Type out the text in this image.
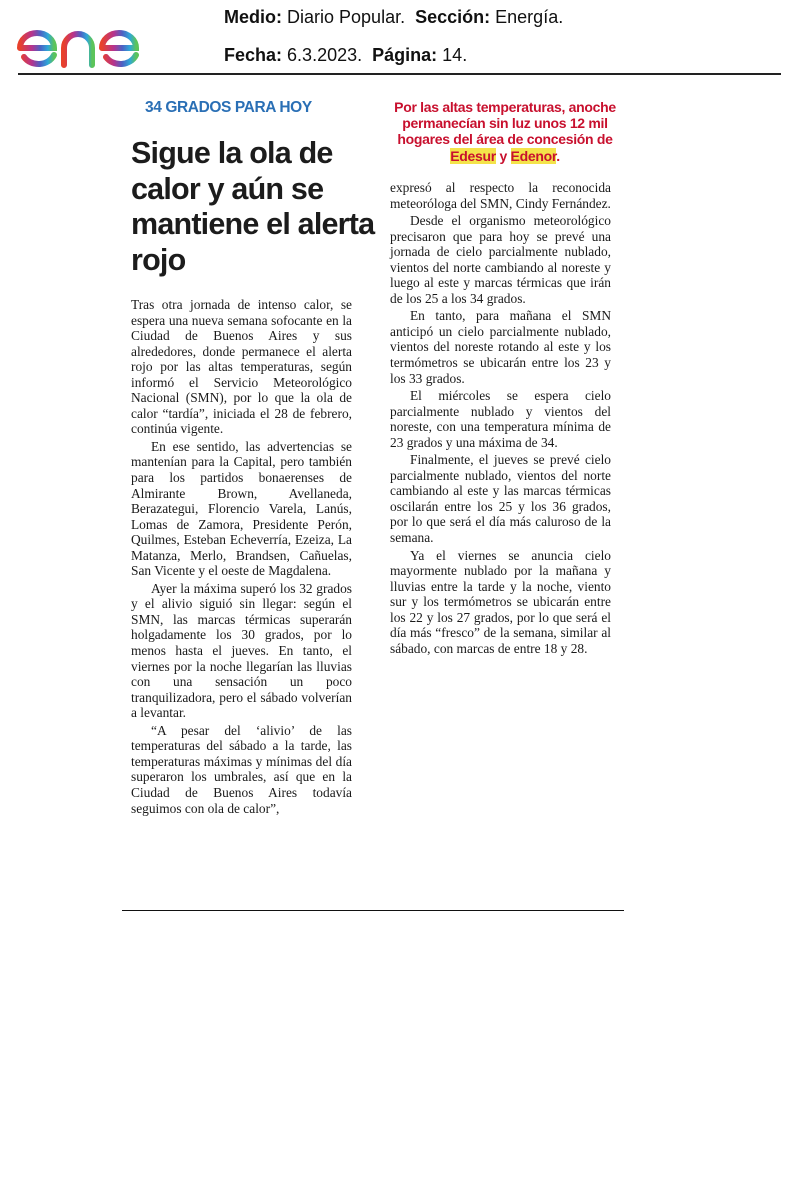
Medio: Diario Popular. Sección: Energía.
Fecha: 6.3.2023. Página: 14.
34 GRADOS PARA HOY
Sigue la ola de calor y aún se mantiene el alerta rojo
Por las altas temperaturas, anoche permanecían sin luz unos 12 mil hogares del área de concesión de Edesur y Edenor.

Tras otra jornada de intenso calor, se espera una nueva semana sofocante en la Ciudad de Buenos Aires y sus alrededores, donde permanece el alerta rojo por las altas temperaturas, según informó el Servicio Meteorológico Nacional (SMN), por lo que la ola de calor “tardía”, iniciada el 28 de febrero, continúa vigente.

En ese sentido, las advertencias se mantenían para la Capital, pero también para los partidos bonaerenses de Almirante Brown, Avellaneda, Berazategui, Florencio Varela, Lanús, Lomas de Zamora, Presidente Perón, Quilmes, Esteban Echeverría, Ezeiza, La Matanza, Merlo, Brandsen, Cañuelas, San Vicente y el oeste de Magdalena.

Ayer la máxima superó los 32 grados y el alivio siguió sin llegar: según el SMN, las marcas térmicas superarán holgadamente los 30 grados, por lo menos hasta el jueves. En tanto, el viernes por la noche llegarían las lluvias con una sensación un poco tranquilizadora, pero el sábado volverían a levantar.

“A pesar del ‘alivio’ de las temperaturas del sábado a la tarde, las temperaturas máximas y mínimas del día superaron los umbrales, así que en la Ciudad de Buenos Aires todavía seguimos con ola de calor”,

expresó al respecto la reconocida meteoróloga del SMN, Cindy Fernández.

Desde el organismo meteorológico precisaron que para hoy se prevé una jornada de cielo parcialmente nublado, vientos del norte cambiando al noreste y luego al este y marcas térmicas que irán de los 25 a los 34 grados.

En tanto, para mañana el SMN anticipó un cielo parcialmente nublado, vientos del noreste rotando al este y los termómetros se ubicarán entre los 23 y los 33 grados.

El miércoles se espera cielo parcialmente nublado y vientos del noreste, con una temperatura mínima de 23 grados y una máxima de 34.

Finalmente, el jueves se prevé cielo parcialmente nublado, vientos del norte cambiando al este y las marcas térmicas oscilarán entre los 25 y los 36 grados, por lo que será el día más caluroso de la semana.

Ya el viernes se anuncia cielo mayormente nublado por la mañana y lluvias entre la tarde y la noche, viento sur y los termómetros se ubicarán entre los 22 y los 27 grados, por lo que será el día más “fresco” de la semana, similar al sábado, con marcas de entre 18 y 28.
